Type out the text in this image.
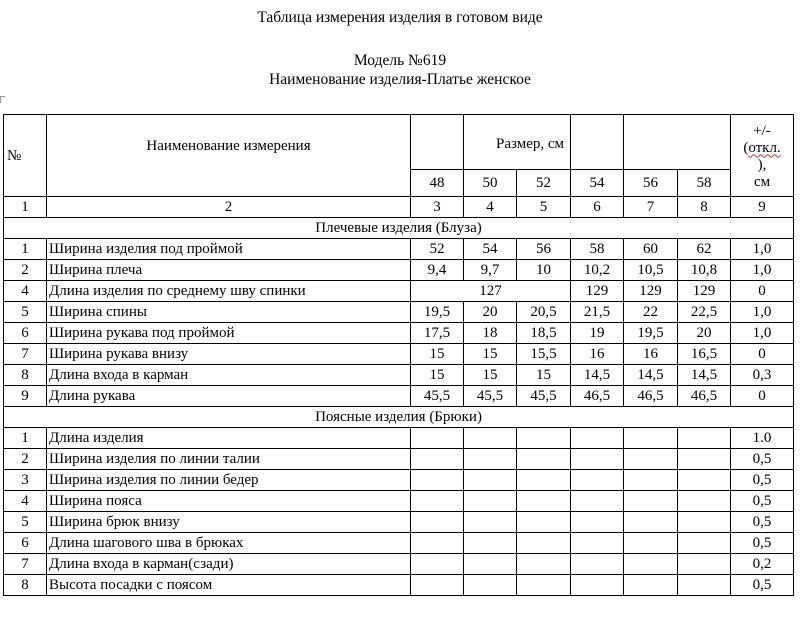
Таблица измерения изделия в готовом виде
Модель №619
Наименование изделия-Платье женское
№	Наименование измерения		Размер, см					+/-
(откл.
),
см

		48	50	52	54	56	58	
1	2	3	4	5	6	7	8	9
Плечевые изделия (Блуза)								
1	Ширина изделия под проймой	52	54	56	58	60	62	1,0
2	Ширина плеча	9,4	9,7	10	10,2	10,5	10,8	1,0
4	Длина изделия по среднему шву спинки	127			129	129	129	0
5	Ширина спины	19,5	20	20,5	21,5	22	22,5	1,0
6	Ширина рукава под проймой	17,5	18	18,5	19	19,5	20	1,0
7	Ширина рукава внизу	15	15	15,5	16	16	16,5	0
8	Длина входа в карман	15	15	15	14,5	14,5	14,5	0,3
9	Длина рукава	45,5	45,5	45,5	46,5	46,5	46,5	0
Поясные изделия (Брюки)								
1	Длина изделия							1.0
2	Ширина изделия по линии талии							0,5
3	Ширина изделия по линии бедер							0,5
4	Ширина пояса							0,5
5	Ширина брюк внизу							0,5
6	Длина шагового шва в брюках							0,5
7	Длина входа в карман(сзади)							0,2
8	Высота посадки с поясом							0,5
